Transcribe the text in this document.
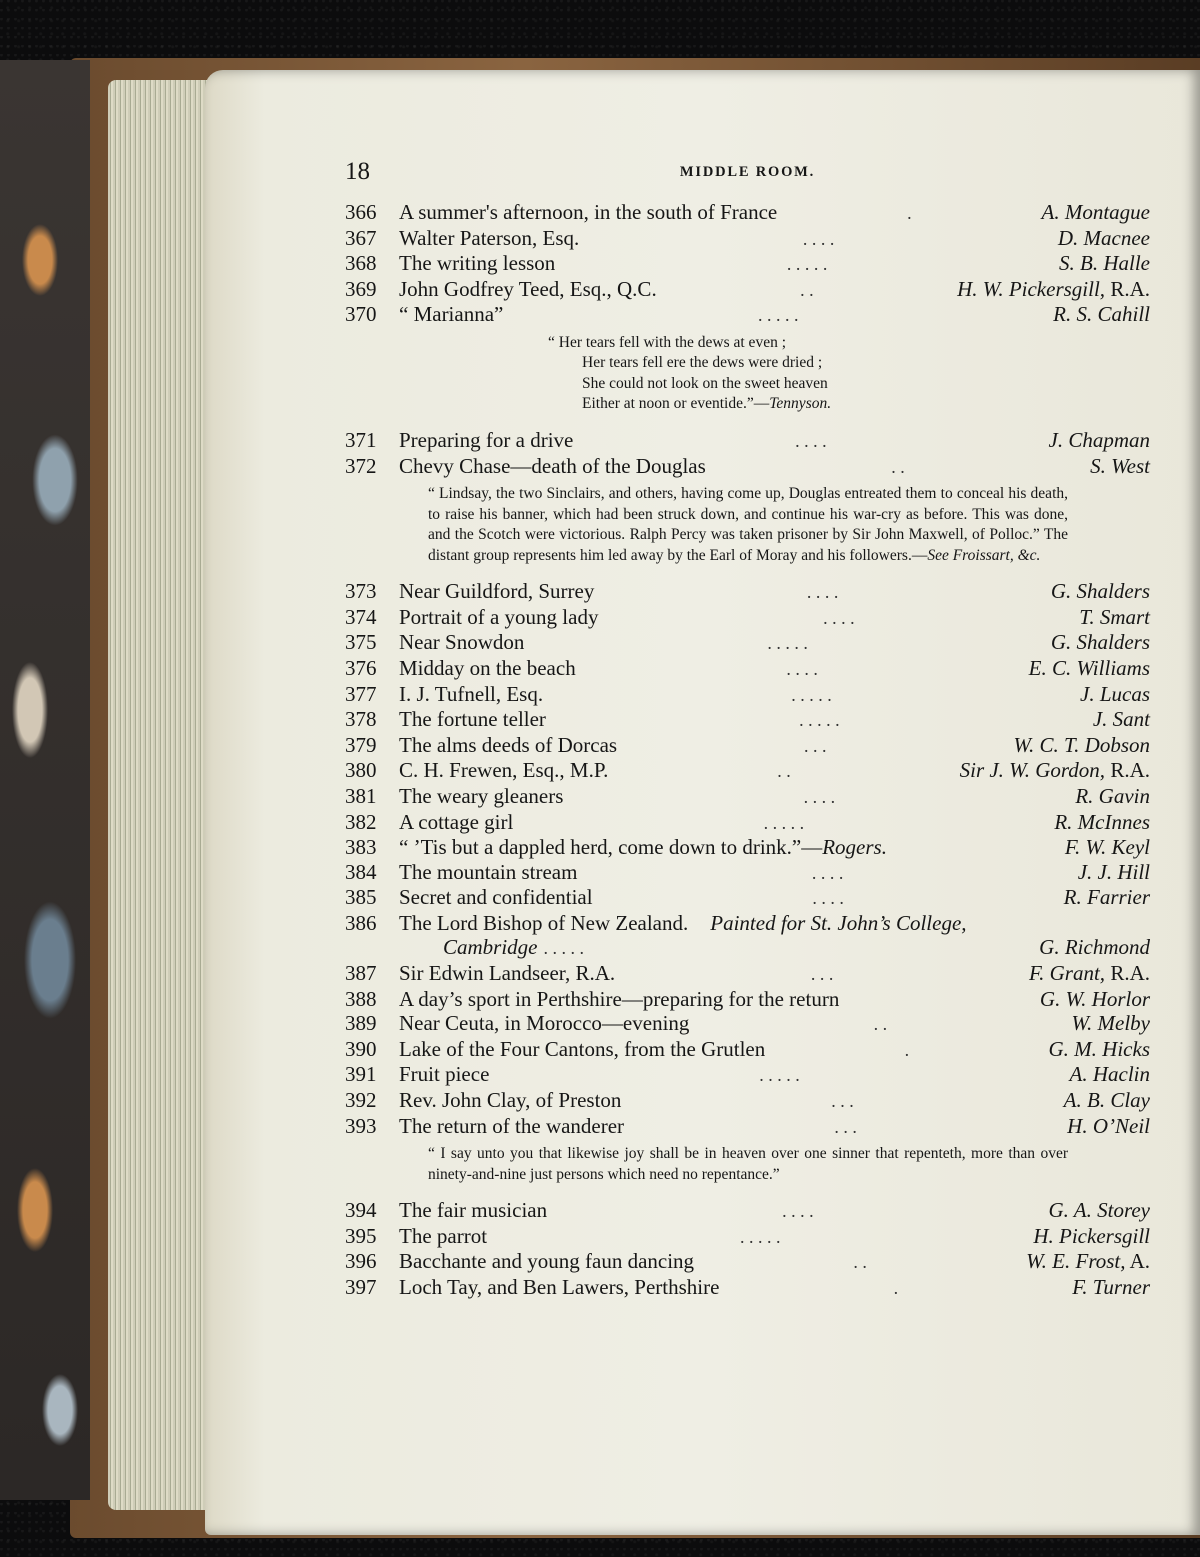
18	MIDDLE ROOM.
366	A summer's afternoon, in the south of France	.	A. Montague
367	Walter Paterson, Esq.	. . . .	D. Macnee
368	The writing lesson	. . . . .	S. B. Halle
369	John Godfrey Teed, Esq., Q.C.	. .	H. W. Pickersgill, R.A.
370	“ Marianna”	. . . . .	R. S. Cahill
“ Her tears fell with the dews at even ;
Her tears fell ere the dews were dried ;
She could not look on the sweet heaven
Either at noon or eventide.”—Tennyson.
371	Preparing for a drive	. . . .	J. Chapman
372	Chevy Chase—death of the Douglas	. .	S. West
“ Lindsay, the two Sinclairs, and others, having come up, Douglas entreated them to conceal his death, to raise his banner, which had been struck down, and continue his war-cry as before. This was done, and the Scotch were victorious. Ralph Percy was taken prisoner by Sir John Maxwell, of Polloc.” The distant group represents him led away by the Earl of Moray and his followers.—See Froissart, &c.
373	Near Guildford, Surrey	. . . .	G. Shalders
374	Portrait of a young lady	. . . .	T. Smart
375	Near Snowdon	. . . . .	G. Shalders
376	Midday on the beach	. . . .	E. C. Williams
377	I. J. Tufnell, Esq.	. . . . .	J. Lucas
378	The fortune teller	. . . . .	J. Sant
379	The alms deeds of Dorcas	. . .	W. C. T. Dobson
380	C. H. Frewen, Esq., M.P.	. .	Sir J. W. Gordon, R.A.
381	The weary gleaners	. . . .	R. Gavin
382	A cottage girl	. . . . .	R. McInnes
383	“ ’Tis but a dappled herd, come down to drink.”—Rogers.	F. W. Keyl
384	The mountain stream	. . . .	J. J. Hill
385	Secret and confidential	. . . .	R. Farrier
386	The Lord Bishop of New Zealand. Painted for St. John’s College,
Cambridge . . . . .	G. Richmond
387	Sir Edwin Landseer, R.A.	. . .	F. Grant, R.A.
388	A day’s sport in Perthshire—preparing for the return	G. W. Horlor
389	Near Ceuta, in Morocco—evening	. .	W. Melby
390	Lake of the Four Cantons, from the Grutlen	.	G. M. Hicks
391	Fruit piece	. . . . .	A. Haclin
392	Rev. John Clay, of Preston	. . .	A. B. Clay
393	The return of the wanderer	. . .	H. O’Neil
“ I say unto you that likewise joy shall be in heaven over one sinner that repenteth, more than over ninety-and-nine just persons which need no repentance.”
394	The fair musician	. . . .	G. A. Storey
395	The parrot	. . . . .	H. Pickersgill
396	Bacchante and young faun dancing	. .	W. E. Frost, A.
397	Loch Tay, and Ben Lawers, Perthshire	.	F. Turner
